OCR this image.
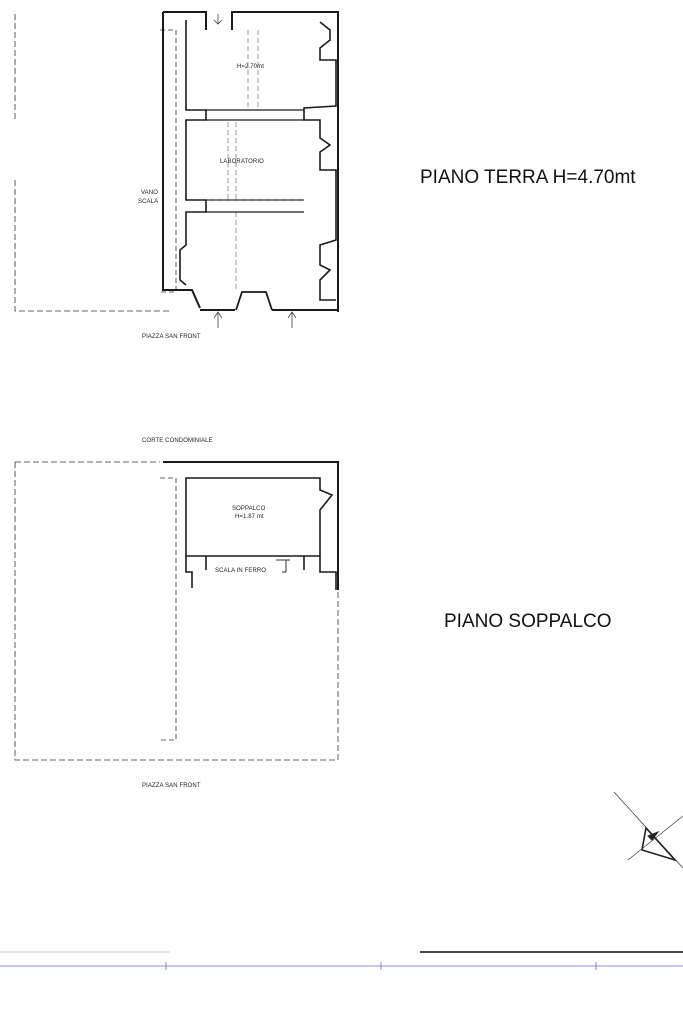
PIANO TERRA H=4.70mt
PIANO SOPPALCO
H=2.70mt
LABORATORIO
VANO
SCALA
PIAZZA SAN FRONT
CORTE CONDOMINIALE
SOPPALCO
H=1.87 mt
SCALA IN FERRO
PIAZZA SAN FRONT
